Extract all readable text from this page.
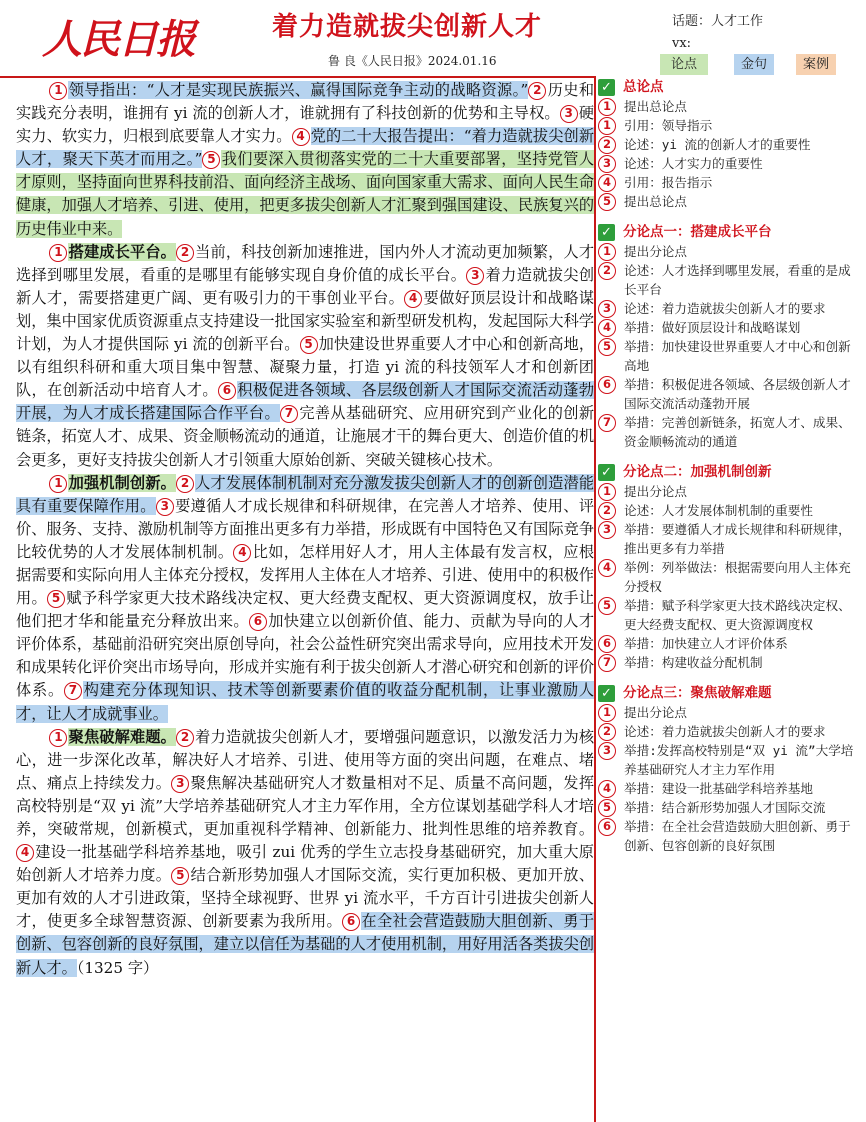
人民日报	着力造就拔尖创新人才
鲁 良《人民日报》2024.01.16
话题：人才工作
vx:
论点	金句	案例

1 领导指出：“人才是实现民族振兴、赢得国际竞争主动的战略资源。” 2 历史和实践充分表明，谁拥有 yi 流的创新人才，谁就拥有了科技创新的优势和主导权。 3 硬实力、软实力，归根到底要靠人才实力。 4 党的二十大报告提出：“着力造就拔尖创新人才，聚天下英才而用之。” 5 我们要深入贯彻落实党的二十大重要部署，坚持党管人才原则，坚持面向世界科技前沿、面向经济主战场、面向国家重大需求、面向人民生命健康，加强人才培养、引进、使用，把更多拔尖创新人才汇聚到强国建设、民族复兴的历史伟业中来。

1 搭建成长平台。 2 当前，科技创新加速推进，国内外人才流动更加频繁，人才选择到哪里发展，看重的是哪里有能够实现自身价值的成长平台。 3 着力造就拔尖创新人才，需要搭建更广阔、更有吸引力的干事创业平台。 4 要做好顶层设计和战略谋划，集中国家优质资源重点支持建设一批国家实验室和新型研发机构，发起国际大科学计划，为人才提供国际 yi 流的创新平台。 5 加快建设世界重要人才中心和创新高地，以有组织科研和重大项目集中智慧、凝聚力量，打造 yi 流的科技领军人才和创新团队，在创新活动中培育人才。 6 积极促进各领域、各层级创新人才国际交流活动蓬勃开展，为人才成长搭建国际合作平台。 7 完善从基础研究、应用研究到产业化的创新链条，拓宽人才、成果、资金顺畅流动的通道，让施展才干的舞台更大、创造价值的机会更多，更好支持拔尖创新人才引领重大原始创新、突破关键核心技术。

1 加强机制创新。 2 人才发展体制机制对充分激发拔尖创新人才的创新创造潜能具有重要保障作用。 3 要遵循人才成长规律和科研规律，在完善人才培养、使用、评价、服务、支持、激励机制等方面推出更多有力举措，形成既有中国特色又有国际竞争比较优势的人才发展体制机制。 4 比如，怎样用好人才，用人主体最有发言权，应根据需要和实际向用人主体充分授权，发挥用人主体在人才培养、引进、使用中的积极作用。 5 赋予科学家更大技术路线决定权、更大经费支配权、更大资源调度权，放手让他们把才华和能量充分释放出来。 6 加快建立以创新价值、能力、贡献为导向的人才评价体系，基础前沿研究突出原创导向，社会公益性研究突出需求导向，应用技术开发和成果转化评价突出市场导向，形成并实施有利于拔尖创新人才潜心研究和创新的评价体系。 7 构建充分体现知识、技术等创新要素价值的收益分配机制，让事业激励人才，让人才成就事业。

1 聚焦破解难题。 2 着力造就拔尖创新人才，要增强问题意识，以激发活力为核心，进一步深化改革，解决好人才培养、引进、使用等方面的突出问题，在难点、堵点、痛点上持续发力。 3 聚焦解决基础研究人才数量相对不足、质量不高问题，发挥高校特别是“双 yi 流”大学培养基础研究人才主力军作用，全方位谋划基础学科人才培养，突破常规，创新模式，更加重视科学精神、创新能力、批判性思维的培养教育。4 建设一批基础学科培养基地，吸引 zui 优秀的学生立志投身基础研究，加大重大原始创新人才培养力度。 5 结合新形势加强人才国际交流，实行更加积极、更加开放、更加有效的人才引进政策，坚持全球视野、世界 yi 流水平，千方百计引进拔尖创新人才，使更多全球智慧资源、创新要素为我所用。 6 在全社会营造鼓励大胆创新、勇于创新、包容创新的良好氛围，建立以信任为基础的人才使用机制，用好用活各类拔尖创新人才。（1325 字）

✓ 总论点
1	提出总论点
1	引用：领导指示
2	论述：yi 流的创新人才的重要性
3	论述：人才实力的重要性
4	引用：报告指示
5	提出总论点
✓ 分论点一：搭建成长平台
1	提出分论点
2	论述：人才选择到哪里发展，看重的是成长平台
3	论述：着力造就拔尖创新人才的要求
4	举措：做好顶层设计和战略谋划
5	举措：加快建设世界重要人才中心和创新高地
6	举措：积极促进各领域、各层级创新人才国际交流活动蓬勃开展
7	举措：完善创新链条，拓宽人才、成果、资金顺畅流动的通道
✓ 分论点二：加强机制创新
1	提出分论点
2	论述：人才发展体制机制的重要性
3	举措：要遵循人才成长规律和科研规律，推出更多有力举措
4	举例：列举做法：根据需要向用人主体充分授权
5	举措：赋予科学家更大技术路线决定权、更大经费支配权、更大资源调度权
6	举措：加快建立人才评价体系
7	举措：构建收益分配机制
✓ 分论点三：聚焦破解难题
1	提出分论点
2	论述：着力造就拔尖创新人才的要求
3	举措:发挥高校特别是“双 yi 流”大学培养基础研究人才主力军作用
4	举措：建设一批基础学科培养基地
5	举措：结合新形势加强人才国际交流
6	举措：在全社会营造鼓励大胆创新、勇于创新、包容创新的良好氛围
